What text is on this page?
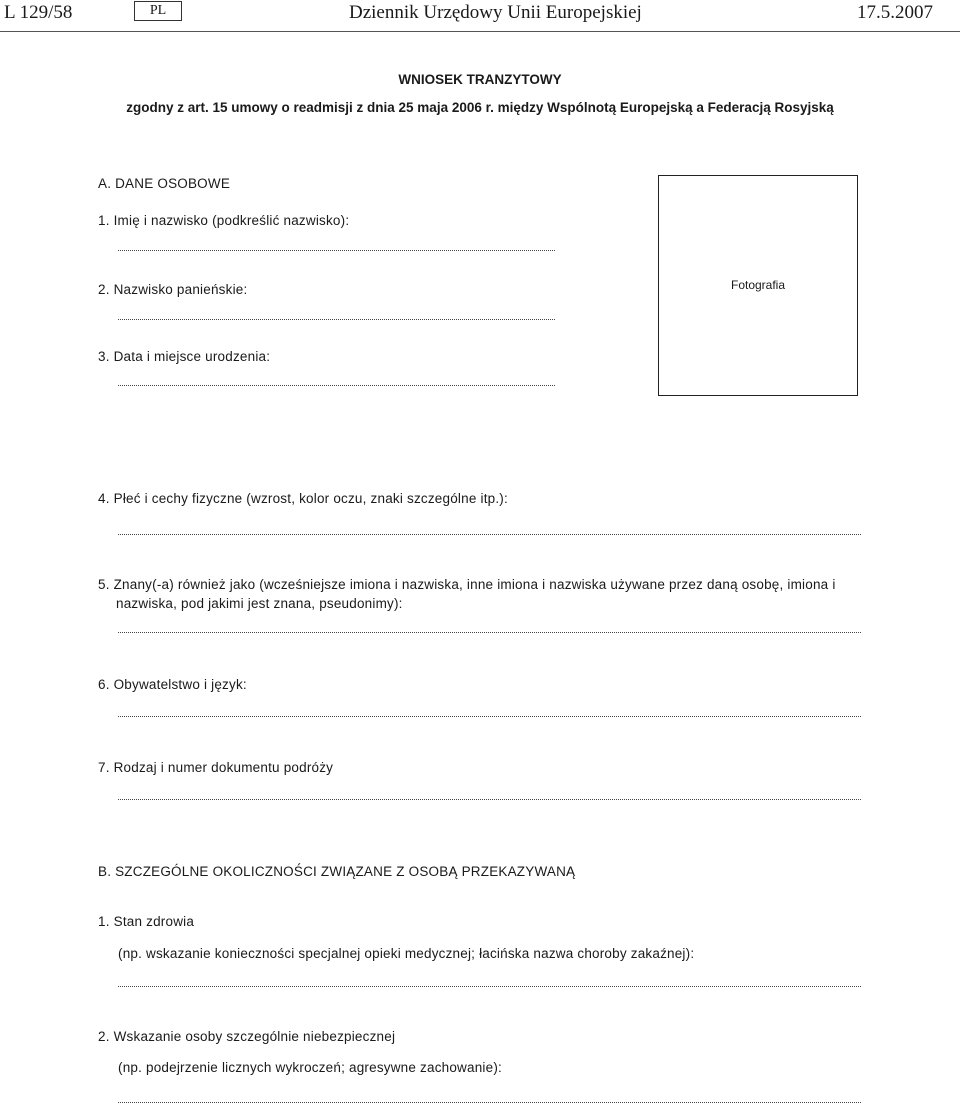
L 129/58	PL	Dziennik Urzędowy Unii Europejskiej	17.5.2007
WNIOSEK TRANZYTOWY
zgodny z art. 15 umowy o readmisji z dnia 25 maja 2006 r. między Wspólnotą Europejską a Federacją Rosyjską
A. DANE OSOBOWE
Fotografia
1. Imię i nazwisko (podkreślić nazwisko):
2. Nazwisko panieńskie:
3. Data i miejsce urodzenia:
4. Płeć i cechy fizyczne (wzrost, kolor oczu, znaki szczególne itp.):
5. Znany(-a) również jako (wcześniejsze imiona i nazwiska, inne imiona i nazwiska używane przez daną osobę, imiona i nazwiska, pod jakimi jest znana, pseudonimy):
6. Obywatelstwo i język:
7. Rodzaj i numer dokumentu podróży
B. SZCZEGÓLNE OKOLICZNOŚCI ZWIĄZANE Z OSOBĄ PRZEKAZYWANĄ
1. Stan zdrowia
(np. wskazanie konieczności specjalnej opieki medycznej; łacińska nazwa choroby zakaźnej):
2. Wskazanie osoby szczególnie niebezpiecznej
(np. podejrzenie licznych wykroczeń; agresywne zachowanie):
